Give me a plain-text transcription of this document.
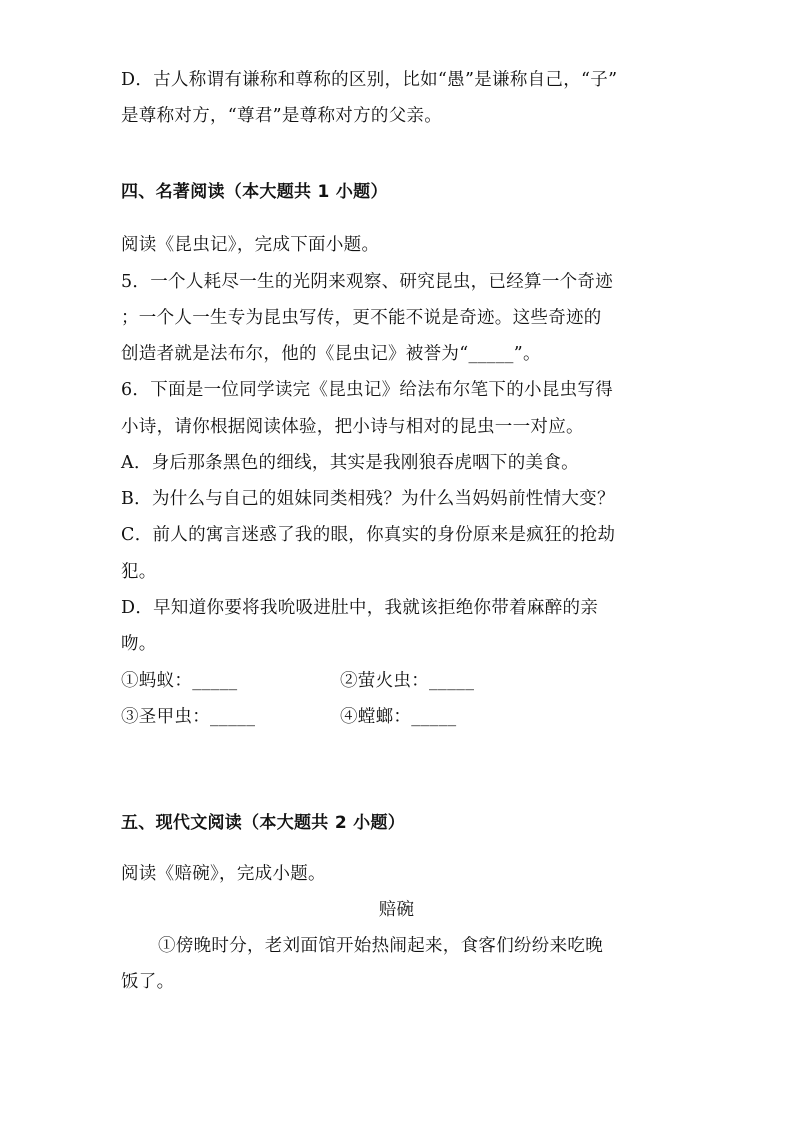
D．古人称谓有谦称和尊称的区别，比如“愚”是谦称自己，“子”
是尊称对方，“尊君”是尊称对方的父亲。
四、名著阅读（本大题共 1 小题）
阅读《昆虫记》，完成下面小题。
5．一个人耗尽一生的光阴来观察、研究昆虫，已经算一个奇迹
；一个人一生专为昆虫写传，更不能不说是奇迹。这些奇迹的
创造者就是法布尔，他的《昆虫记》被誉为“_____”。
6．下面是一位同学读完《昆虫记》给法布尔笔下的小昆虫写得
小诗，请你根据阅读体验，把小诗与相对的昆虫一一对应。
A．身后那条黑色的细线，其实是我刚狼吞虎咽下的美食。
B．为什么与自己的姐妹同类相残？为什么当妈妈前性情大变？
C．前人的寓言迷惑了我的眼，你真实的身份原来是疯狂的抢劫
犯。
D．早知道你要将我吮吸进肚中，我就该拒绝你带着麻醉的亲
吻。
①蚂蚁：_____	②萤火虫：_____
③圣甲虫：_____	④螳螂：_____
五、现代文阅读（本大题共 2 小题）
阅读《赔碗》，完成小题。
赔碗
①傍晚时分，老刘面馆开始热闹起来，食客们纷纷来吃晚
饭了。
